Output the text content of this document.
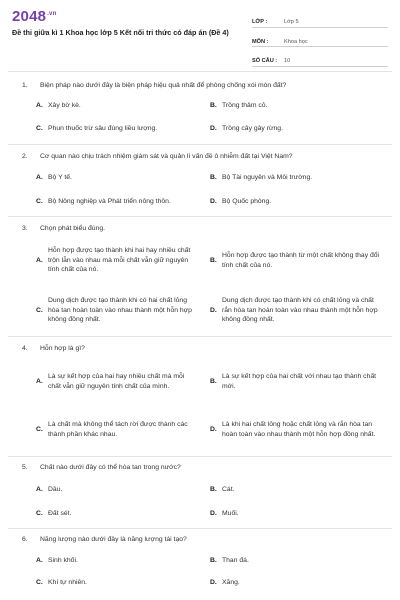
$2048^{.vn}$
Đề thi giữa kì 1 Khoa học lớp 5 Kết nối tri thức có đáp án (Đề 4)
LỚP :	Lớp 5
MÔN :	Khoa học
SỐ CÂU :	10
1.	Biện pháp nào dưới đây là biện pháp hiệu quả nhất để phòng chống xói mòn đất?
A. Xây bờ kè.	B. Trồng thảm cỏ.
C. Phun thuốc trừ sâu đúng liều lượng.	D. Trồng cây gây rừng.
2.	Cơ quan nào chịu trách nhiệm giám sát và quản lí vấn đề ô nhiễm đất tại Việt Nam?
A. Bộ Y tế.	B. Bộ Tài nguyên và Môi trường.
C. Bộ Nông nghiệp và Phát triển nông thôn.	D. Bộ Quốc phòng.
3.	Chọn phát biểu đúng.
A.
Hỗn hợp được tạo thành khi hai hay nhiều chất trộn lẫn vào nhau mà mỗi chất vẫn giữ nguyên tính chất của nó.
B.
Hỗn hợp được tạo thành từ một chất không thay đổi tính chất của nó.
C.
Dung dịch được tạo thành khi có hai chất lỏng hòa tan hoàn toàn vào nhau thành một hỗn hợp không đồng nhất.
D.
Dung dịch được tạo thành khi có chất lỏng và chất rắn hòa tan hoàn toàn vào nhau thành một hỗn hợp không đồng nhất.
4.	Hỗn hợp là gì?
A.
Là sự kết hợp của hai hay nhiều chất mà mỗi chất vẫn giữ nguyên tính chất của mình.
B.
Là sự kết hợp của hai chất với nhau tạo thành chất mới.
C.
Là chất mà không thể tách rời được thành các thành phần khác nhau.
D.
Là khi hai chất lỏng hoặc chất lỏng và rắn hòa tan hoàn toàn vào nhau thành một hỗn hợp đồng nhất.
5.	Chất nào dưới đây có thể hòa tan trong nước?
A. Dầu.	B. Cát.
C. Đất sét.	D. Muối.
6.	Năng lượng nào dưới đây là năng lượng tái tạo?
A. Sinh khối.	B. Than đá.
C. Khí tự nhiên.	D. Xăng.
